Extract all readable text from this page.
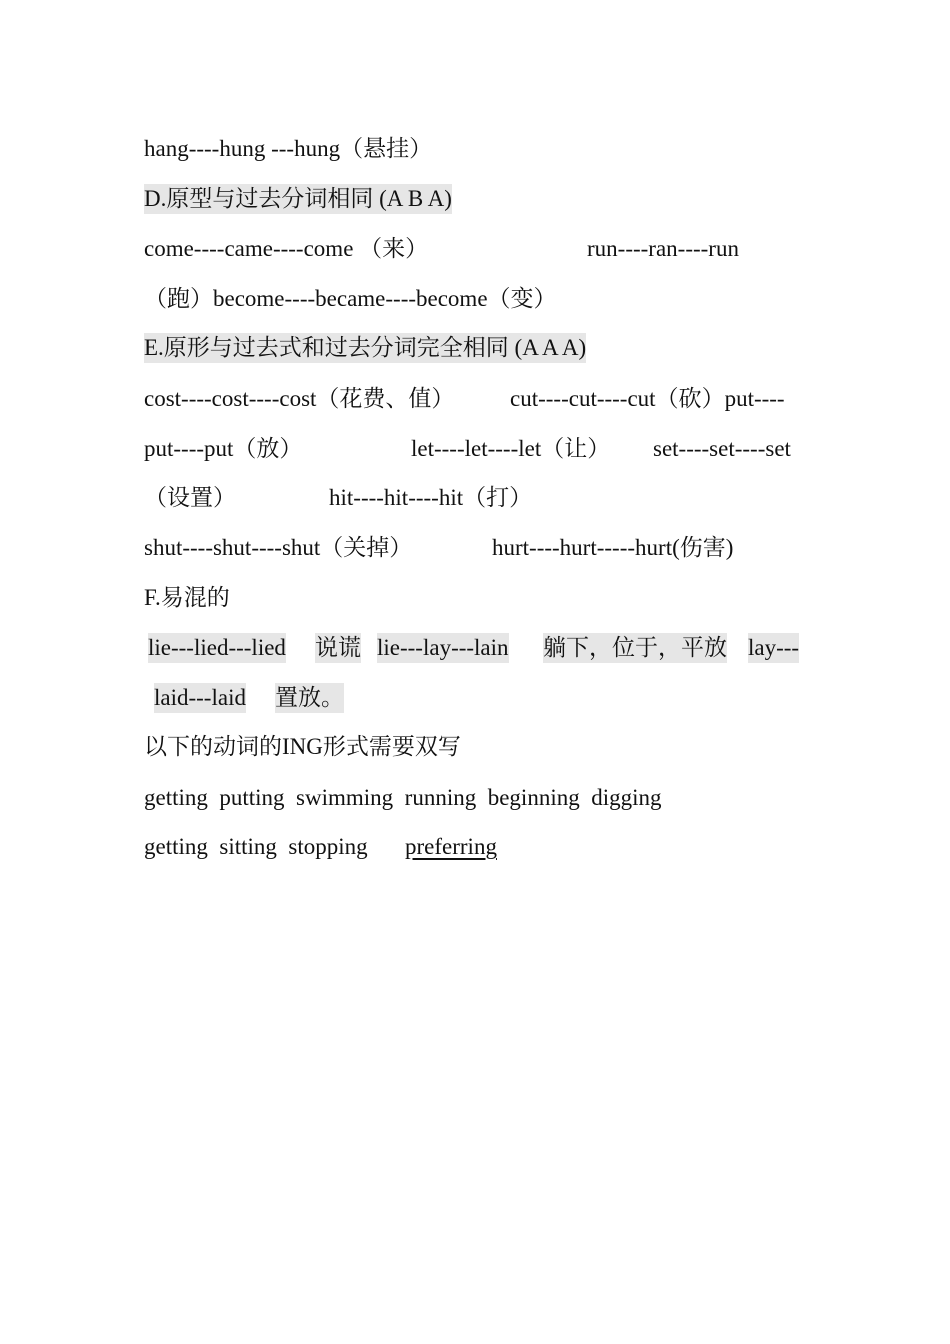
hang----hung ---hung（悬挂）
D.原型与过去分词相同 (A B A)
come----came----come （来）	run----ran----run
（跑）become----became----become（变）
E.原形与过去式和过去分词完全相同 (A A A)
cost----cost----cost（花费、值） cut----cut----cut（砍）put----
put----put（放）	let----let----let（让） set----set----set
（设置）	hit----hit----hit（打）
shut----shut----shut（关掉）	hurt----hurt-----hurt(伤害)
F.易混的
lie---lied---lied 说谎 lie---lay---lain 躺下，位于，平放 lay---
laid---laid 置放。
以下的动词的ING形式需要双写
getting  putting  swimming  running  beginning  digging
getting  sitting  stopping preferring
